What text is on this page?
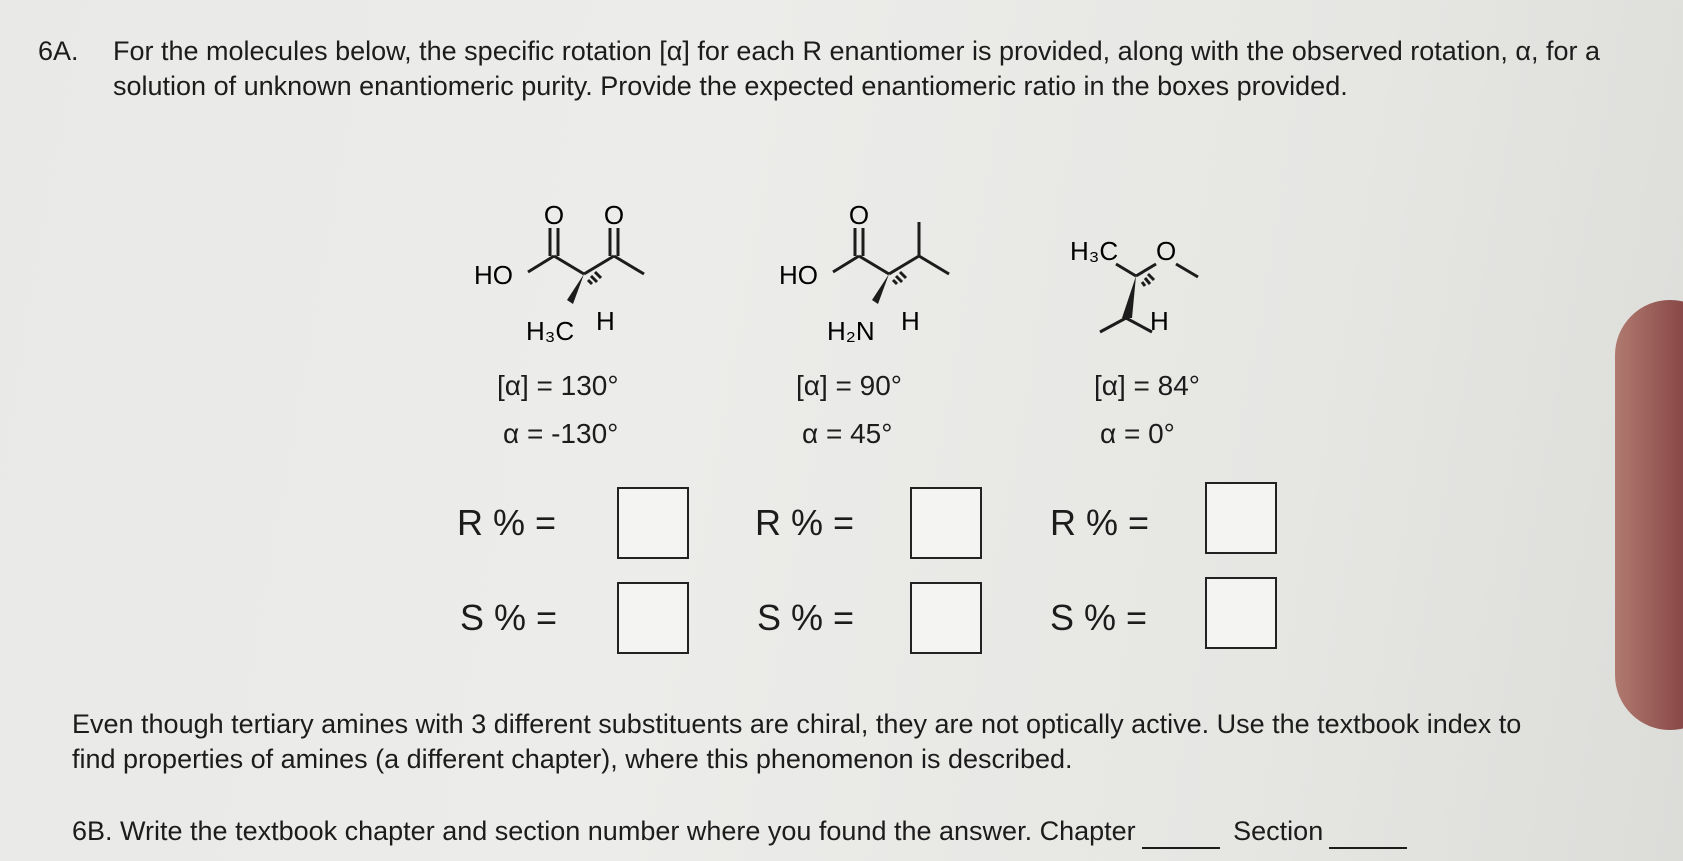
6A. For the molecules below, the specific rotation [α] for each R enantiomer is provided, along with the observed rotation, α, for a solution of unknown enantiomeric purity. Provide the expected enantiomeric ratio in the boxes provided.
O O
HO
H₃C H
O
HO
H₂N H
H₃C O
H
[α] = 130°
α = -130°
[α] = 90°
α = 45°
[α] = 84°
α = 0°
R % =	R % =	R % =
S % =	S % =	S % =
Even though tertiary amines with 3 different substituents are chiral, they are not optically active. Use the textbook index to find properties of amines (a different chapter), where this phenomenon is described.
6B. Write the textbook chapter and section number where you found the answer. Chapter	Section
